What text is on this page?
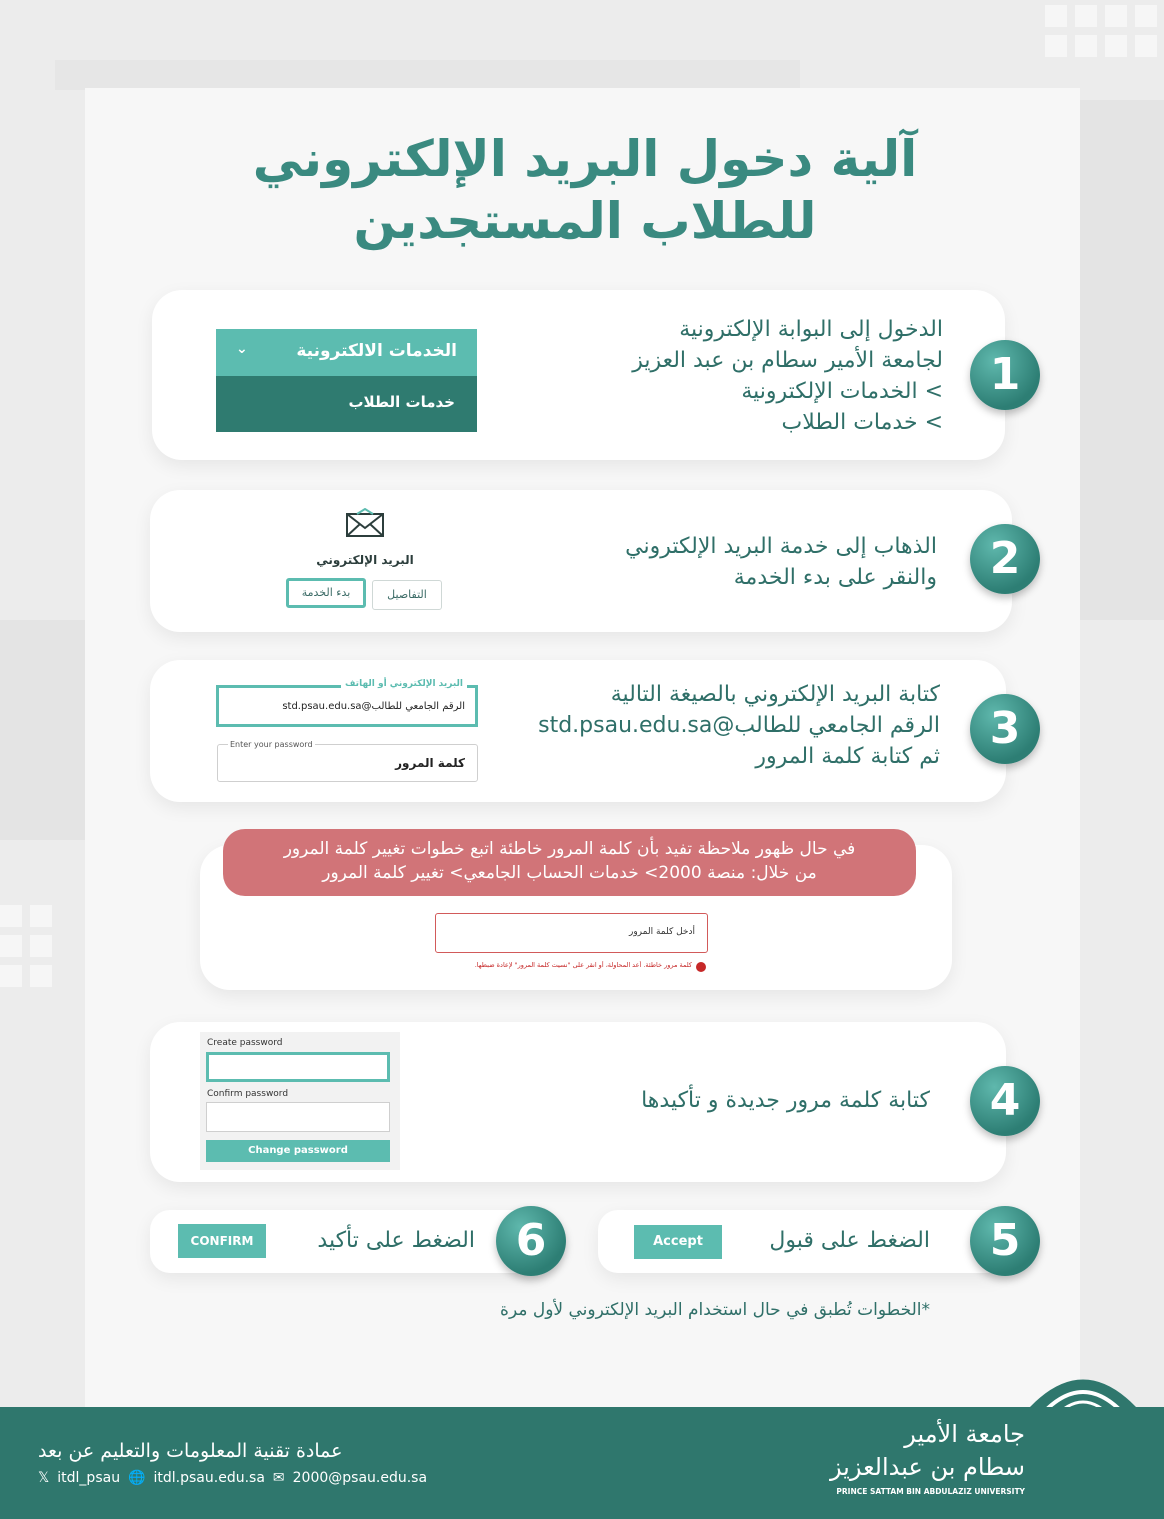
آلية دخول البريد الإلكتروني
للطلاب المستجدين
1
الدخول إلى البوابة الإلكترونية
لجامعة الأمير سطام بن عبد العزيز
> الخدمات الإلكترونية
> خدمات الطلاب
الخدمات الالكترونية
⌄
خدمات الطلاب
2
الذهاب إلى خدمة البريد الإلكتروني
والنقر على بدء الخدمة
البريد الإلكتروني
التفاصيل
بدء الخدمة
3
كتابة البريد الإلكتروني بالصيغة التالية
الرقم الجامعي للطالب@std.psau.edu.sa
ثم كتابة كلمة المرور
البريد الإلكتروني أو الهاتف
الرقم الجامعي للطالب@std.psau.edu.sa
Enter your password
كلمة المرور
في حال ظهور ملاحظة تفيد بأن كلمة المرور خاطئة اتبع خطوات تغيير كلمة المرور
من خلال: منصة 2000> خدمات الحساب الجامعي> تغيير كلمة المرور
أدخل كلمة المرور
كلمة مرور خاطئة. أعد المحاولة، أو انقر على "نسيت كلمة المرور" لإعادة ضبطها.
4
كتابة كلمة مرور جديدة و تأكيدها
Create password
Confirm password
Change password
6	5
الضغط على تأكيد	الضغط على قبول
CONFIRM	Accept
*الخطوات تُطبق في حال استخدام البريد الإلكتروني لأول مرة
عمادة تقنية المعلومات والتعليم عن بعد
𝕏 itdl_psau 🌐 itdl.psau.edu.sa ✉ 2000@psau.edu.sa
جامعة الأمير
سطام بن عبدالعزيز
PRINCE SATTAM BIN ABDULAZIZ UNIVERSITY
